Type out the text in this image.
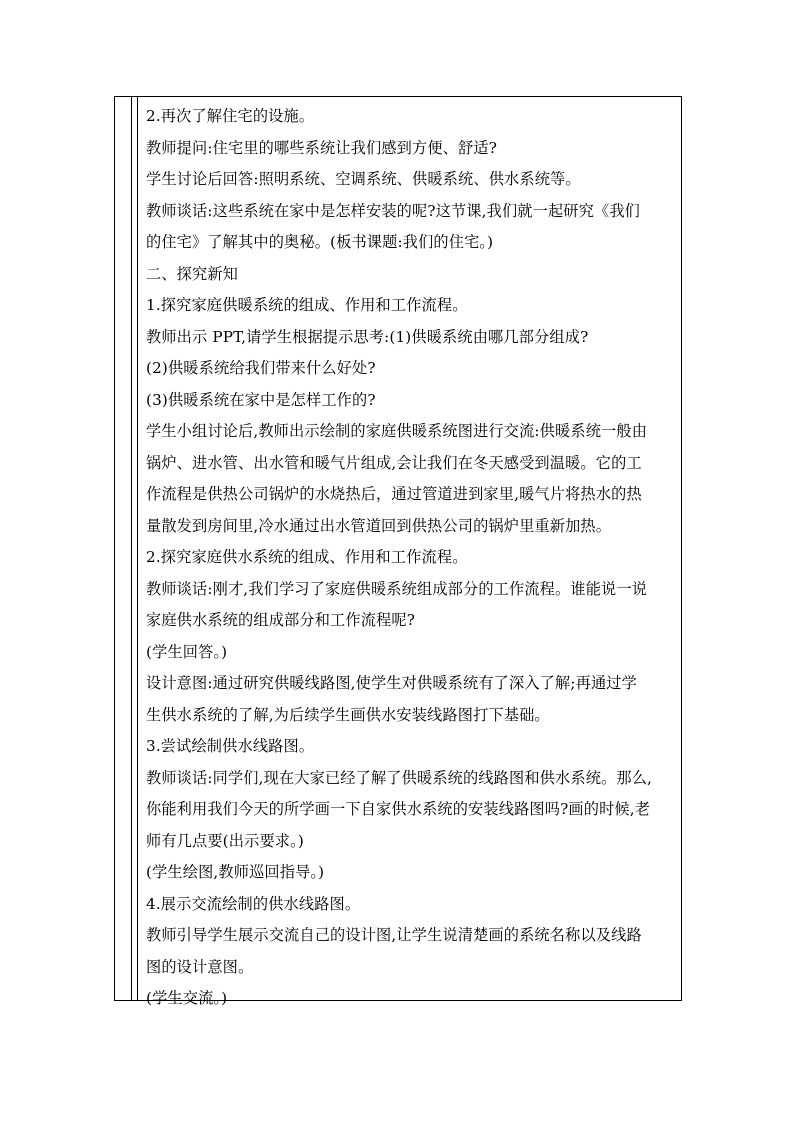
2.再次了解住宅的设施。
教师提问:住宅里的哪些系统让我们感到方便、舒适?
学生讨论后回答:照明系统、空调系统、供暖系统、供水系统等。
教师谈话:这些系统在家中是怎样安装的呢?这节课,我们就一起研究《我们
的住宅》了解其中的奥秘。(板书课题:我们的住宅。)
二、探究新知
1.探究家庭供暖系统的组成、作用和工作流程。
教师出示 PPT,请学生根据提示思考:(1)供暖系统由哪几部分组成?
(2)供暖系统给我们带来什么好处?
(3)供暖系统在家中是怎样工作的?
学生小组讨论后,教师出示绘制的家庭供暖系统图进行交流:供暖系统一般由
锅炉、进水管、出水管和暖气片组成,会让我们在冬天感受到温暖。它的工
作流程是供热公司锅炉的水烧热后，通过管道进到家里,暖气片将热水的热
量散发到房间里,冷水通过出水管道回到供热公司的锅炉里重新加热。
2.探究家庭供水系统的组成、作用和工作流程。
教师谈话:刚才,我们学习了家庭供暖系统组成部分的工作流程。谁能说一说
家庭供水系统的组成部分和工作流程呢?
(学生回答。)
设计意图:通过研究供暖线路图,使学生对供暖系统有了深入了解;再通过学
生供水系统的了解,为后续学生画供水安装线路图打下基础。
3.尝试绘制供水线路图。
教师谈话:同学们,现在大家已经了解了供暖系统的线路图和供水系统。那么,
你能利用我们今天的所学画一下自家供水系统的安装线路图吗?画的时候,老
师有几点要(出示要求。)
(学生绘图,教师巡回指导。)
4.展示交流绘制的供水线路图。
教师引导学生展示交流自己的设计图,让学生说清楚画的系统名称以及线路
图的设计意图。
(学生交流。)
